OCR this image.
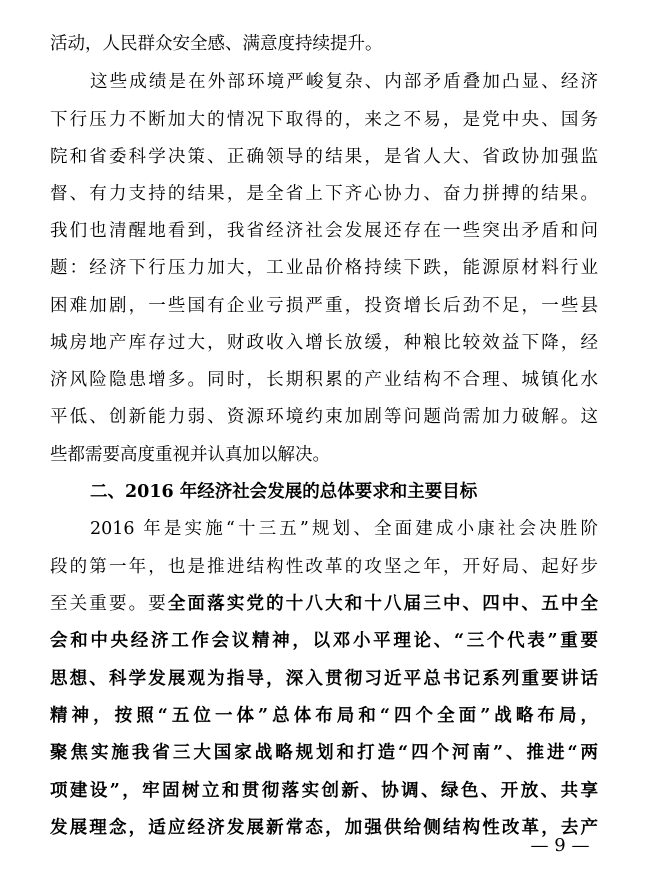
活动，人民群众安全感、满意度持续提升。
这些成绩是在外部环境严峻复杂、内部矛盾叠加凸显、经济
下行压力不断加大的情况下取得的，来之不易，是党中央、国务
院和省委科学决策、正确领导的结果，是省人大、省政协加强监
督、有力支持的结果，是全省上下齐心协力、奋力拼搏的结果。
我们也清醒地看到，我省经济社会发展还存在一些突出矛盾和问
题：经济下行压力加大，工业品价格持续下跌，能源原材料行业
困难加剧，一些国有企业亏损严重，投资增长后劲不足，一些县
城房地产库存过大，财政收入增长放缓，种粮比较效益下降，经
济风险隐患增多。同时，长期积累的产业结构不合理、城镇化水
平低、创新能力弱、资源环境约束加剧等问题尚需加力破解。这
些都需要高度重视并认真加以解决。
二、2016 年经济社会发展的总体要求和主要目标
2016 年是实施“十三五”规划、全面建成小康社会决胜阶
段的第一年，也是推进结构性改革的攻坚之年，开好局、起好步
至关重要。要全面落实党的十八大和十八届三中、四中、五中全
会和中央经济工作会议精神，以邓小平理论、“三个代表”重要
思想、科学发展观为指导，深入贯彻习近平总书记系列重要讲话
精神，按照“五位一体”总体布局和“四个全面”战略布局，
聚焦实施我省三大国家战略规划和打造“四个河南”、推进“两
项建设”，牢固树立和贯彻落实创新、协调、绿色、开放、共享
发展理念，适应经济发展新常态，加强供给侧结构性改革，去产
— 9 —
